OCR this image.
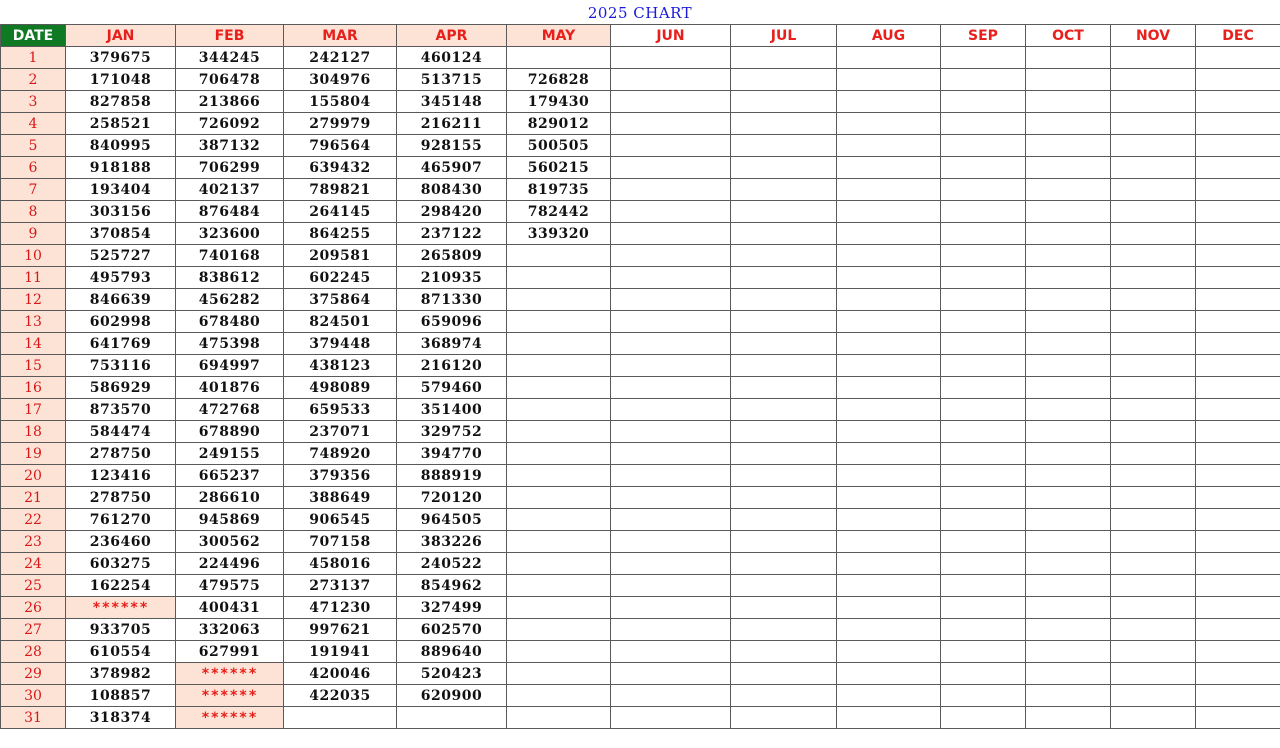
2025 CHART
DATE	JAN	FEB	MAR	APR	MAY	JUN	JUL	AUG	SEP	OCT	NOV	DEC
1	379675	344245	242127	460124								
2	171048	706478	304976	513715	726828							
3	827858	213866	155804	345148	179430							
4	258521	726092	279979	216211	829012							
5	840995	387132	796564	928155	500505							
6	918188	706299	639432	465907	560215							
7	193404	402137	789821	808430	819735							
8	303156	876484	264145	298420	782442							
9	370854	323600	864255	237122	339320							
10	525727	740168	209581	265809								
11	495793	838612	602245	210935								
12	846639	456282	375864	871330								
13	602998	678480	824501	659096								
14	641769	475398	379448	368974								
15	753116	694997	438123	216120								
16	586929	401876	498089	579460								
17	873570	472768	659533	351400								
18	584474	678890	237071	329752								
19	278750	249155	748920	394770								
20	123416	665237	379356	888919								
21	278750	286610	388649	720120								
22	761270	945869	906545	964505								
23	236460	300562	707158	383226								
24	603275	224496	458016	240522								
25	162254	479575	273137	854962								
26	******	400431	471230	327499								
27	933705	332063	997621	602570								
28	610554	627991	191941	889640								
29	378982	******	420046	520423								
30	108857	******	422035	620900								
31	318374	******										
